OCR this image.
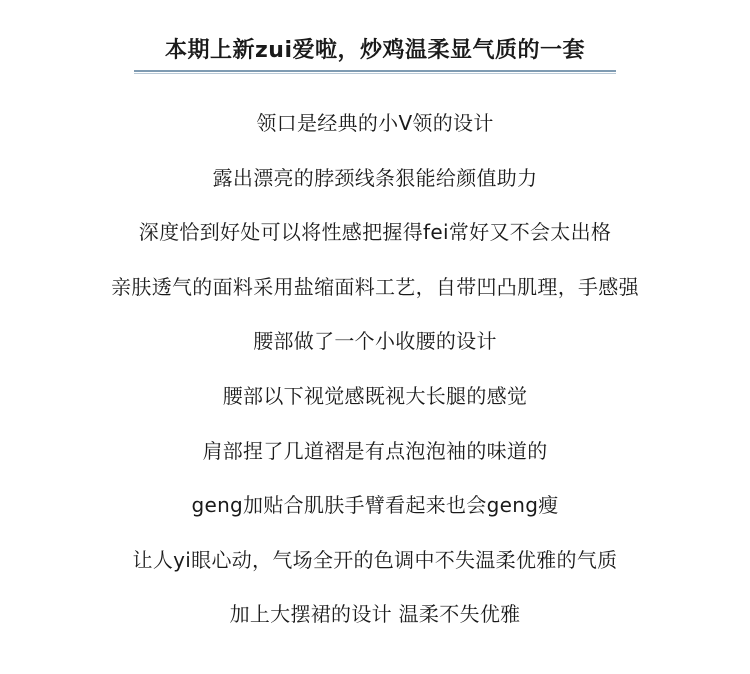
本期上新zui爱啦，炒鸡温柔显气质的一套
领口是经典的小V领的设计
露出漂亮的脖颈线条狠能给颜值助力
深度恰到好处可以将性感把握得fei常好又不会太出格
亲肤透气的面料采用盐缩面料工艺，自带凹凸肌理，手感强
腰部做了一个小收腰的设计
腰部以下视觉感既视大长腿的感觉
肩部捏了几道褶是有点泡泡袖的味道的
geng加贴合肌肤手臂看起来也会geng瘦
让人yi眼心动，气场全开的色调中不失温柔优雅的气质
加上大摆裙的设计 温柔不失优雅
